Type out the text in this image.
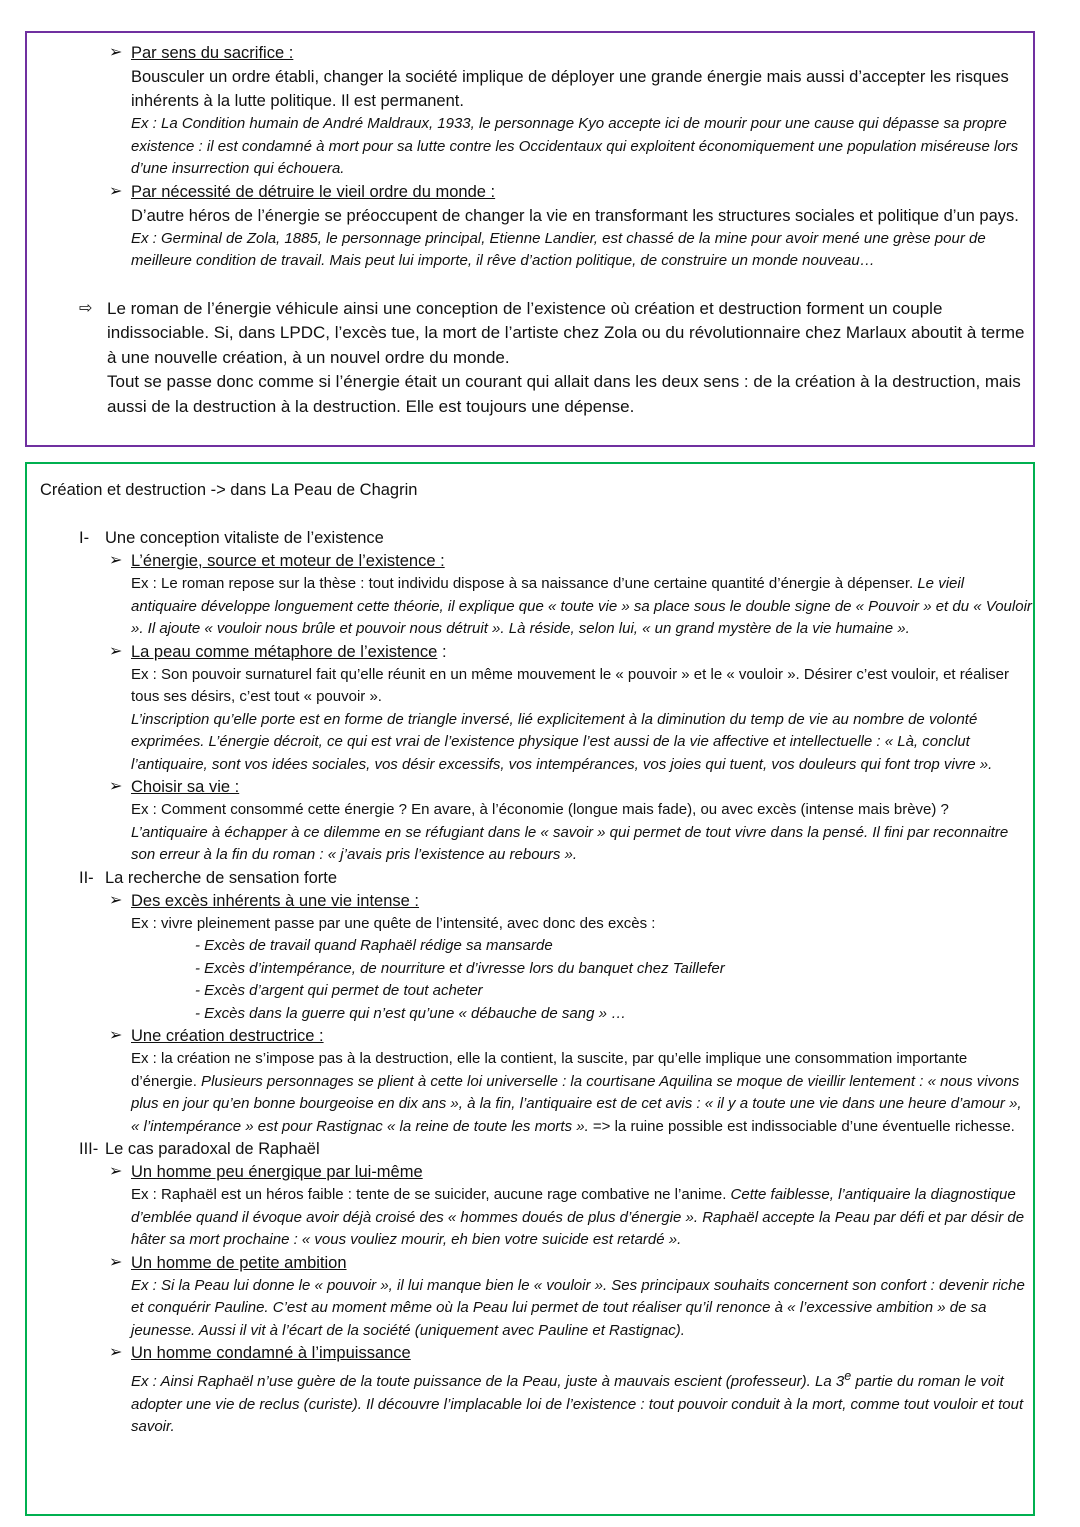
➢ Par sens du sacrifice :

Bousculer un ordre établi, changer la société implique de déployer une grande énergie mais aussi d’accepter les risques inhérents à la lutte politique. Il est permanent.

Ex : La Condition humain de André Maldraux, 1933, le personnage Kyo accepte ici de mourir pour une cause qui dépasse sa propre existence : il est condamné à mort pour sa lutte contre les Occidentaux qui exploitent économiquement une population miséreuse lors d’une insurrection qui échouera.

➢ Par nécessité de détruire le vieil ordre du monde :

D’autre héros de l’énergie se préoccupent de changer la vie en transformant les structures sociales et politique d’un pays.

Ex : Germinal de Zola, 1885, le personnage principal, Etienne Landier, est chassé de la mine pour avoir mené une grèse pour de meilleure condition de travail. Mais peut lui importe, il rêve d’action politique, de construire un monde nouveau…

⇨ Le roman de l’énergie véhicule ainsi une conception de l’existence où création et destruction forment un couple indissociable. Si, dans LPDC, l’excès tue, la mort de l’artiste chez Zola ou du révolutionnaire chez Marlaux aboutit à terme à une nouvelle création, à un nouvel ordre du monde.
Tout se passe donc comme si l’énergie était un courant qui allait dans les deux sens : de la création à la destruction, mais aussi de la destruction à la destruction. Elle est toujours une dépense.

Création et destruction -> dans La Peau de Chagrin

I- Une conception vitaliste de l’existence
➢ L’énergie, source et moteur de l’existence :

Ex : Le roman repose sur la thèse : tout individu dispose à sa naissance d’une certaine quantité d’énergie à dépenser. Le vieil antiquaire développe longuement cette théorie, il explique que « toute vie » sa place sous le double signe de « Pouvoir » et du « Vouloir ». Il ajoute « vouloir nous brûle et pouvoir nous détruit ». Là réside, selon lui, « un grand mystère de la vie humaine ».

➢ La peau comme métaphore de l’existence :

Ex : Son pouvoir surnaturel fait qu’elle réunit en un même mouvement le « pouvoir » et le « vouloir ». Désirer c’est vouloir, et réaliser tous ses désirs, c’est tout « pouvoir ».

L’inscription qu’elle porte est en forme de triangle inversé, lié explicitement à la diminution du temp de vie au nombre de volonté exprimées. L’énergie décroit, ce qui est vrai de l’existence physique l’est aussi de la vie affective et intellectuelle : « Là, conclut l’antiquaire, sont vos idées sociales, vos désir excessifs, vos intempérances, vos joies qui tuent, vos douleurs qui font trop vivre ».

➢ Choisir sa vie :

Ex : Comment consommé cette énergie ? En avare, à l’économie (longue mais fade), ou avec excès (intense mais brève) ?

L’antiquaire à échapper à ce dilemme en se réfugiant dans le « savoir » qui permet de tout vivre dans la pensé. Il fini par reconnaitre son erreur à la fin du roman : « j’avais pris l’existence au rebours ».

II- La recherche de sensation forte
➢ Des excès inhérents à une vie intense :

Ex : vivre pleinement passe par une quête de l’intensité, avec donc des excès :

- Excès de travail quand Raphaël rédige sa mansarde

- Excès d’intempérance, de nourriture et d’ivresse lors du banquet chez Taillefer

- Excès d’argent qui permet de tout acheter

- Excès dans la guerre qui n’est qu’une « débauche de sang » …

➢ Une création destructrice :

Ex : la création ne s’impose pas à la destruction, elle la contient, la suscite, par qu’elle implique une consommation importante d’énergie. Plusieurs personnages se plient à cette loi universelle : la courtisane Aquilina se moque de vieillir lentement : « nous vivons plus en jour qu’en bonne bourgeoise en dix ans », à la fin, l’antiquaire est de cet avis : « il y a toute une vie dans une heure d’amour », « l’intempérance » est pour Rastignac « la reine de toute les morts ». => la ruine possible est indissociable d’une éventuelle richesse.

III- Le cas paradoxal de Raphaël
➢ Un homme peu énergique par lui-même

Ex : Raphaël est un héros faible : tente de se suicider, aucune rage combative ne l’anime. Cette faiblesse, l’antiquaire la diagnostique d’emblée quand il évoque avoir déjà croisé des « hommes doués de plus d’énergie ». Raphaël accepte la Peau par défi et par désir de hâter sa mort prochaine : « vous vouliez mourir, eh bien votre suicide est retardé ».

➢ Un homme de petite ambition

Ex : Si la Peau lui donne le « pouvoir », il lui manque bien le « vouloir ». Ses principaux souhaits concernent son confort : devenir riche et conquérir Pauline. C’est au moment même où la Peau lui permet de tout réaliser qu’il renonce à « l’excessive ambition » de sa jeunesse. Aussi il vit à l’écart de la société (uniquement avec Pauline et Rastignac).

➢ Un homme condamné à l’impuissance

Ex : Ainsi Raphaël n’use guère de la toute puissance de la Peau, juste à mauvais escient (professeur). La 3e partie du roman le voit adopter une vie de reclus (curiste). Il découvre l’implacable loi de l’existence : tout pouvoir conduit à la mort, comme tout vouloir et tout savoir.
